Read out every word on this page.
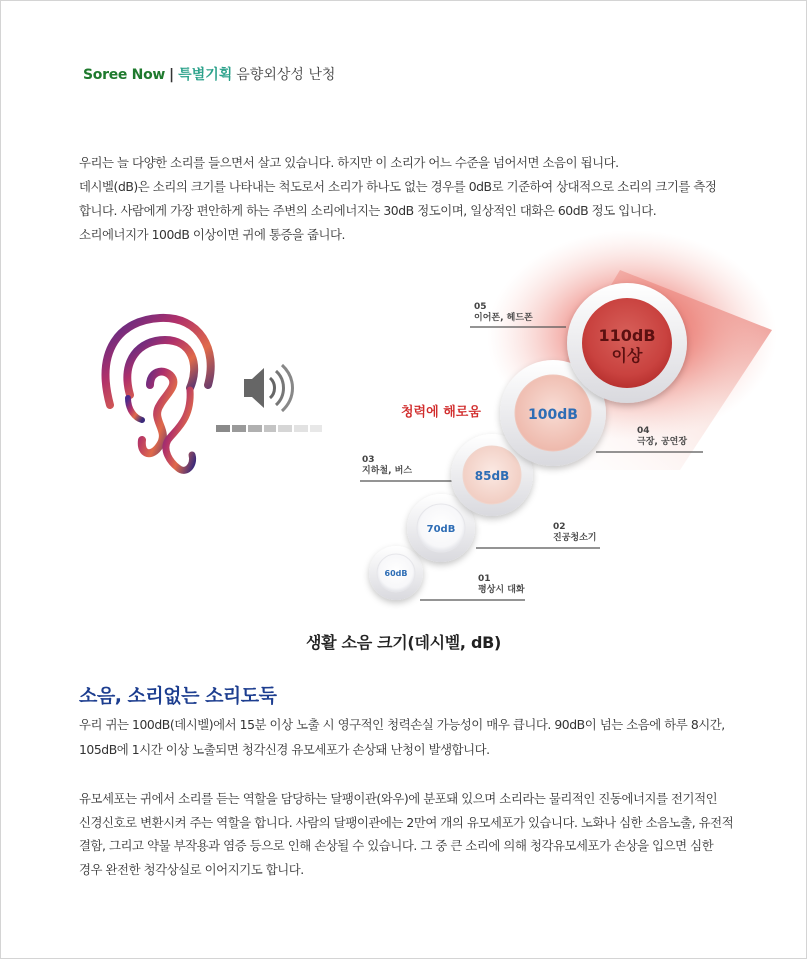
Soree Now | 특별기획 음향외상성 난청

우리는 늘 다양한 소리를 들으면서 살고 있습니다. 하지만 이 소리가 어느 수준을 넘어서면 소음이 됩니다.

데시벨(dB)은 소리의 크기를 나타내는 척도로서 소리가 하나도 없는 경우를 0dB로 기준하여 상대적으로 소리의 크기를 측정

합니다. 사람에게 가장 편안하게 하는 주변의 소리에너지는 30dB 정도이며, 일상적인 대화은 60dB 정도 입니다.

소리에너지가 100dB 이상이면 귀에 통증을 줍니다.

01
평상시 대화
02
진공청소기
03
지하철, 버스
04
극장, 공연장
05
이어폰, 헤드폰
청력에 해로움
60dB
70dB
85dB
100dB
110dB
이상
생활 소음 크기(데시벨, dB)
소음, 소리없는 소리도둑

우리 귀는 100dB(데시벨)에서 15분 이상 노출 시 영구적인 청력손실 가능성이 매우 큽니다. 90dB이 넘는 소음에 하루 8시간,

105dB에 1시간 이상 노출되면 청각신경 유모세포가 손상돼 난청이 발생합니다.

유모세포는 귀에서 소리를 듣는 역할을 담당하는 달팽이관(와우)에 분포돼 있으며 소리라는 물리적인 진동에너지를 전기적인

신경신호로 변환시켜 주는 역할을 합니다. 사람의 달팽이관에는 2만여 개의 유모세포가 있습니다. 노화나 심한 소음노출, 유전적

결함, 그리고 약물 부작용과 염증 등으로 인해 손상될 수 있습니다. 그 중 큰 소리에 의해 청각유모세포가 손상을 입으면 심한

경우 완전한 청각상실로 이어지기도 합니다.
